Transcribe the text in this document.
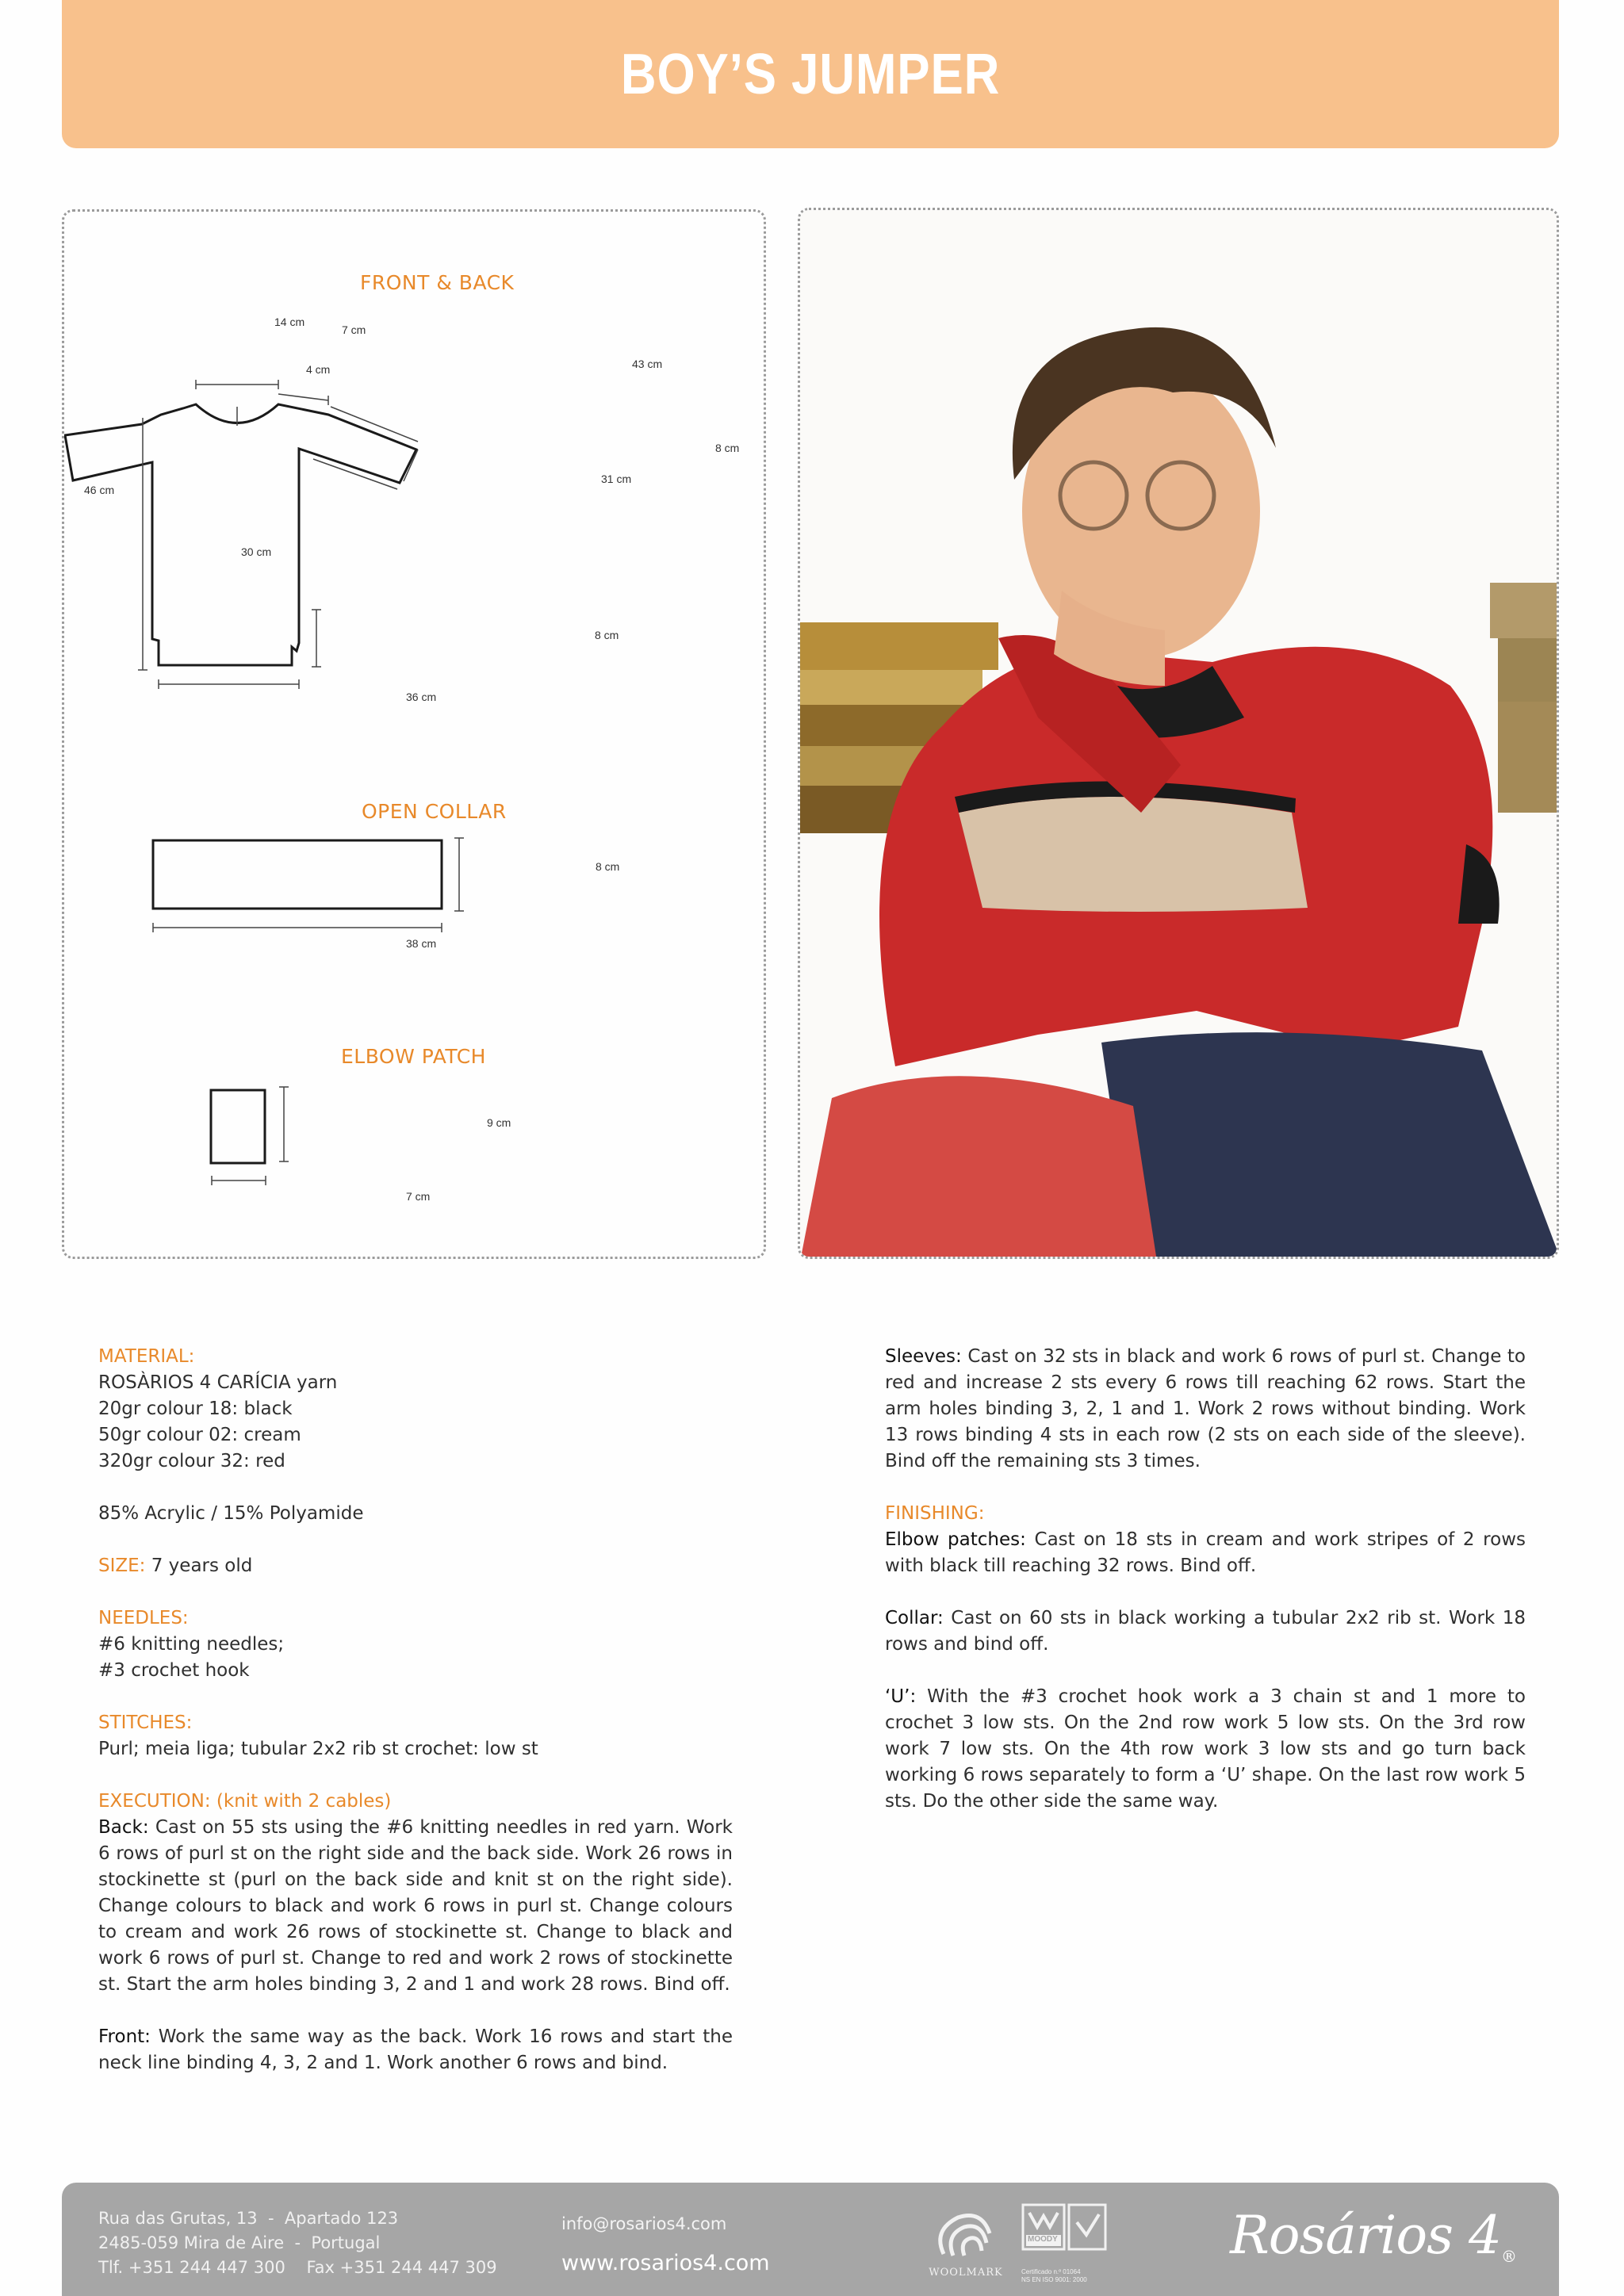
BOY’S JUMPER
FRONT & BACK
14 cm
7 cm
43 cm
4 cm
8 cm
31 cm
46 cm
30 cm
8 cm
36 cm
OPEN COLLAR
8 cm
38 cm
ELBOW PATCH
9 cm
7 cm
MATERIAL:
ROSÀRIOS 4 CARÍCIA yarn
20gr colour 18: black
50gr colour 02: cream
320gr colour 32: red

85% Acrylic / 15% Polyamide

SIZE: 7 years old

NEEDLES:
#6 knitting needles;
#3 crochet hook

STITCHES:
Purl; meia liga; tubular 2x2 rib st crochet: low st

EXECUTION: (knit with 2 cables)
Back: Cast on 55 sts using the #6 knitting needles in red yarn. Work 6 rows of purl st on the right side and the back side. Work 26 rows in stockinette st (purl on the back side and knit st on the right side). Change colours to black and work 6 rows in purl st. Change colours to cream and work 26 rows of stockinette st. Change to black and work 6 rows of purl st. Change to red and work 2 rows of stockinette st. Start the arm holes binding 3, 2 and 1 and work 28 rows. Bind off.

Front: Work the same way as the back. Work 16 rows and start the neck line binding 4, 3, 2 and 1. Work another 6 rows and bind.

Sleeves: Cast on 32 sts in black and work 6 rows of purl st. Change to red and increase 2 sts every 6 rows till reaching 62 rows. Start the arm holes binding 3, 2, 1 and 1. Work 2 rows without binding. Work 13 rows binding 4 sts in each row (2 sts on each side of the sleeve). Bind off the remaining sts 3 times.

FINISHING:
Elbow patches: Cast on 18 sts in cream and work stripes of 2 rows with black till reaching 32 rows. Bind off.

Collar: Cast on 60 sts in black working a tubular 2x2 rib st. Work 18 rows and bind off.

‘U’: With the #3 crochet hook work a 3 chain st and 1 more to crochet 3 low sts. On the 2nd row work 5 low sts. On the 3rd row work 7 low sts. On the 4th row work 3 low sts and go turn back working 6 rows separately to form a ‘U’ shape. On the last row work 5 sts. Do the other side the same way.

Rua das Grutas, 13  -  Apartado 123
2485-059 Mira de Aire  -  Portugal
Tlf. +351 244 447 300    Fax +351 244 447 309
info@rosarios4.com
www.rosarios4.com	WOOLMARK
MOODY
Certificado n.º 01064
NS EN ISO 9001: 2000
Rosários 4®
